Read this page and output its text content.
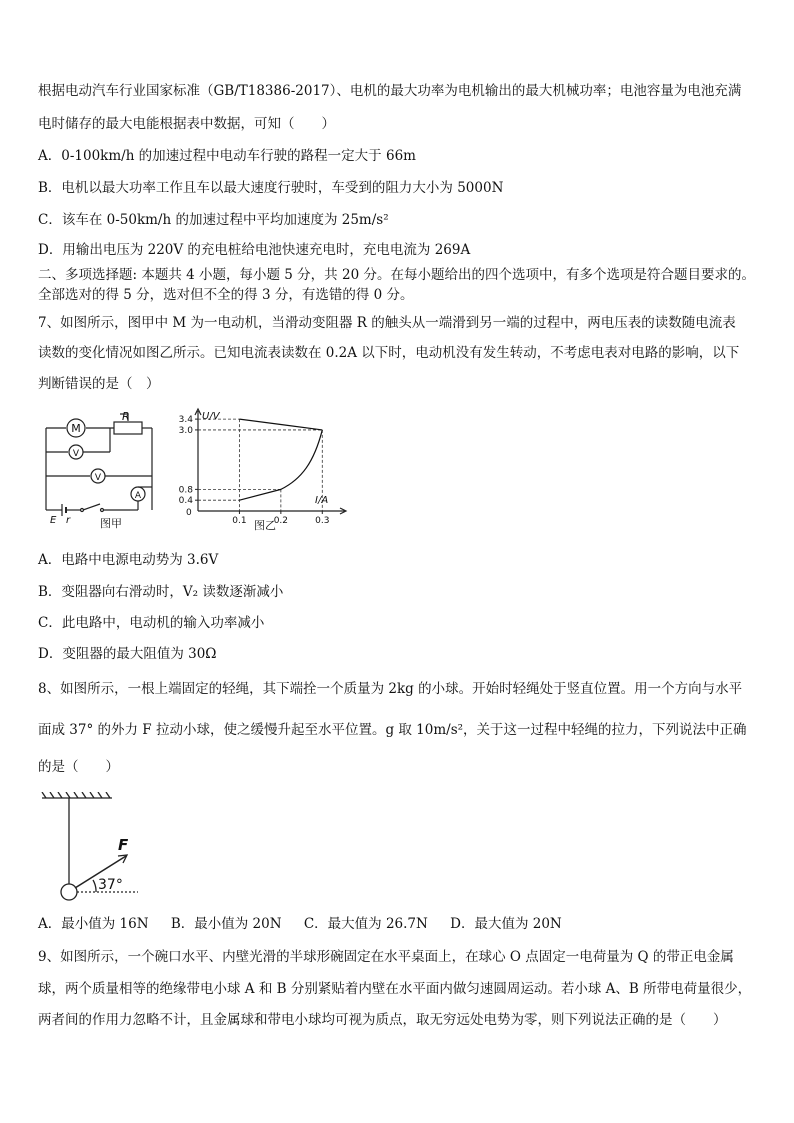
根据电动汽车行业国家标准（GB/T18386-2017）、电机的最大功率为电机输出的最大机械功率；电池容量为电池充满
电时储存的最大电能根据表中数据，可知（　　）
A．0-100km/h 的加速过程中电动车行驶的路程一定大于 66m
B．电机以最大功率工作且车以最大速度行驶时，车受到的阻力大小为 5000N
C．该车在 0-50km/h 的加速过程中平均加速度为 25m/s²
D．用输出电压为 220V 的充电桩给电池快速充电时，充电电流为 269A
二、多项选择题: 本题共 4 小题，每小题 5 分，共 20 分。在每小题给出的四个选项中，有多个选项是符合题目要求的。
全部选对的得 5 分，选对但不全的得 3 分，有选错的得 0 分。
7、如图所示，图甲中 M 为一电动机，当滑动变阻器 R 的触头从一端滑到另一端的过程中，两电压表的读数随电流表
读数的变化情况如图乙所示。已知电流表读数在 0.2A 以下时，电动机没有发生转动，不考虑电表对电路的影响，以下
判断错误的是（　）
M
R
V
V
A
E r	图甲
0.4
0.8
3.0
3.4
0.1	0.2	0.3
U/V
I/A
0
图乙
A．电路中电源电动势为 3.6V
B．变阻器向右滑动时，V₂ 读数逐渐减小
C．此电路中，电动机的输入功率减小
D．变阻器的最大阻值为 30Ω
8、如图所示，一根上端固定的轻绳，其下端拴一个质量为 2kg 的小球。开始时轻绳处于竖直位置。用一个方向与水平
面成 37° 的外力 F 拉动小球，使之缓慢升起至水平位置。g 取 10m/s²，关于这一过程中轻绳的拉力，下列说法中正确
的是（　　）
F
37°
A．最小值为 16N B．最小值为 20N C．最大值为 26.7N D．最大值为 20N
9、如图所示，一个碗口水平、内壁光滑的半球形碗固定在水平桌面上，在球心 O 点固定一电荷量为 Q 的带正电金属
球，两个质量相等的绝缘带电小球 A 和 B 分别紧贴着内壁在水平面内做匀速圆周运动。若小球 A、B 所带电荷量很少，
两者间的作用力忽略不计，且金属球和带电小球均可视为质点，取无穷远处电势为零，则下列说法正确的是（　　）
